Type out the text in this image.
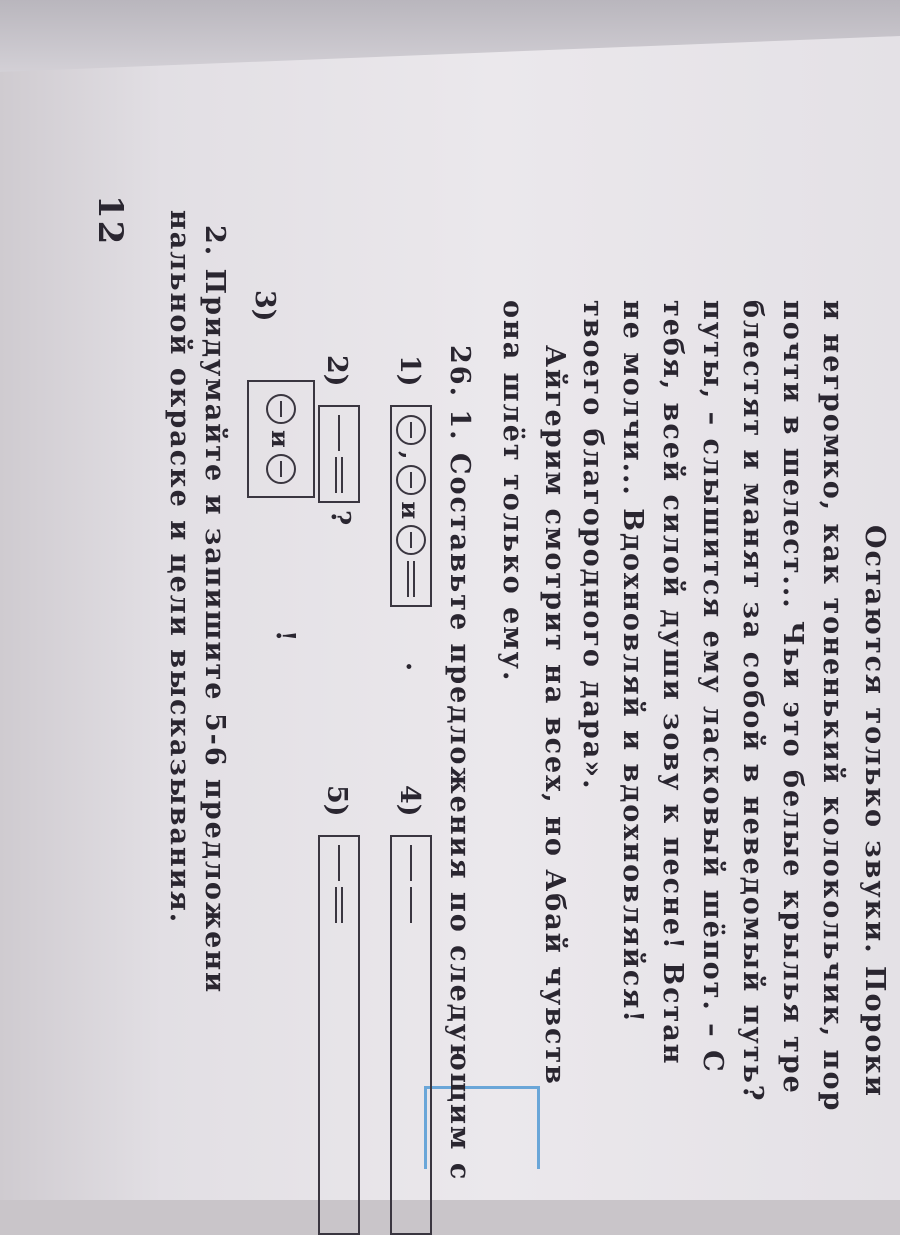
Остаются только звуки. Пороки
и негромко, как тоненький колокольчик, пор
почти в шелест... Чьи это белые крылья тре
блестят и манят за собой в неведомый путь?
путы, – слышится ему ласковый шёпот. – С
тебя, всей силой души зову к песне! Встан
не молчи... Вдохновляй и вдохновляйся!
твоего благородного дара».
Айгерим смотрит на всех, но Абай чувств
она шлёт только ему.
26. 1. Составьте предложения по следующим с
1)
,
и
.
4)
2)
?
5)
3)
и
!
2. Придумайте и запишите 5-6 предложени
нальной окраске и цели высказывания.
12
